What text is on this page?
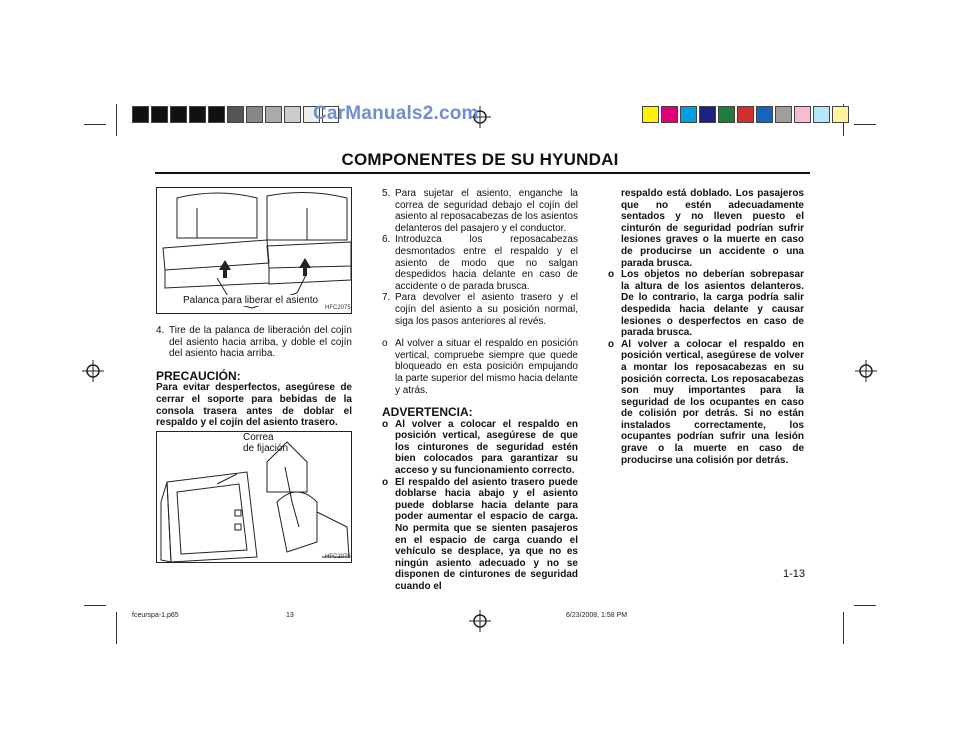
CarManuals2.com
COMPONENTES DE SU HYUNDAI
Palanca para liberar el asiento
HFC2075
4. Tire de la palanca de liberación del cojín del asiento hacia arriba, y doble el cojín del asiento hacia arriba.
PRECAUCIÓN:

Para evitar desperfectos, asegúrese de cerrar el soporte para bebidas de la consola trasera antes de doblar el respaldo y el cojín del asiento trasero.

Correa
de fijación
HFC2076
5. Para sujetar el asiento, enganche la correa de seguridad debajo el cojín del asiento al reposacabezas de los asientos delanteros del pasajero y el conductor.
6. Introduzca los reposacabezas desmontados entre el respaldo y el asiento de modo que no salgan despedidos hacia delante en caso de accidente o de parada brusca.
7. Para devolver el asiento trasero y el cojín del asiento a su posición normal, siga los pasos anteriores al revés.
o Al volver a situar el respaldo en posición vertical, compruebe siempre que quede bloqueado en esta posición empujando la parte superior del mismo hacia delante y atrás.
ADVERTENCIA:
o Al volver a colocar el respaldo en posición vertical, asegúrese de que los cinturones de seguridad estén bien colocados para garantizar su acceso y su funcionamiento correcto.
o El respaldo del asiento trasero puede doblarse hacia abajo y el asiento puede doblarse hacia delante para poder aumentar el espacio de carga. No permita que se sienten pasajeros en el espacio de carga cuando el vehículo se desplace, ya que no es ningún asiento adecuado y no se disponen de cinturones de seguridad cuando el
respaldo está doblado. Los pasajeros que no estén adecuadamente sentados y no lleven puesto el cinturón de seguridad podrían sufrir lesiones graves o la muerte en caso de producirse un accidente o una parada brusca.
o Los objetos no deberían sobrepasar la altura de los asientos delanteros. De lo contrario, la carga podría salir despedida hacia delante y causar lesiones o desperfectos en caso de parada brusca.
o Al volver a colocar el respaldo en posición vertical, asegúrese de volver a montar los reposacabezas en su posición correcta. Los reposacabezas son muy importantes para la seguridad de los ocupantes en caso de colisión por detrás. Si no están instalados correctamente, los ocupantes podrían sufrir una lesión grave o la muerte en caso de producirse una colisión por detrás.
1-13
fceurspa-1.p65	13	6/23/2008, 1:58 PM
